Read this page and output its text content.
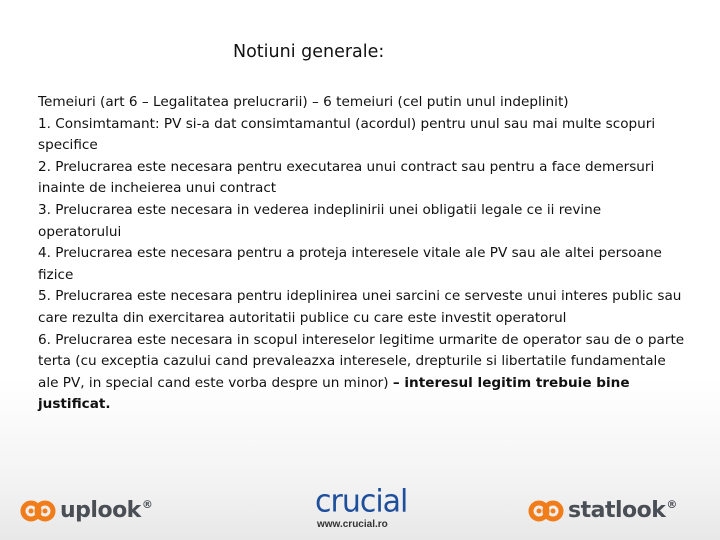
Notiuni generale:

Temeiuri (art 6 – Legalitatea prelucrarii) – 6 temeiuri (cel putin unul indeplinit)

1. Consimtamant: PV si-a dat consimtamantul (acordul) pentru unul sau mai multe scopuri specifice

2. Prelucrarea este necesara pentru executarea unui contract sau pentru a face demersuri inainte de incheierea unui contract

3. Prelucrarea este necesara in vederea indeplinirii unei obligatii legale ce ii revine operatorului

4. Prelucrarea este necesara pentru a proteja interesele vitale ale PV sau ale altei persoane fizice

5. Prelucrarea este necesara pentru ideplinirea unei sarcini ce serveste unui interes public sau care rezulta din exercitarea autoritatii publice cu care este investit operatorul

6. Prelucrarea este necesara in scopul intereselor legitime urmarite de operator sau de o parte terta (cu exceptia cazului cand prevaleazxa interesele, drepturile si libertatile fundamentale ale PV, in special cand este vorba despre un minor) – interesul legitim trebuie bine justificat.

uplook®	crucial
www.crucial.ro
statlook®
